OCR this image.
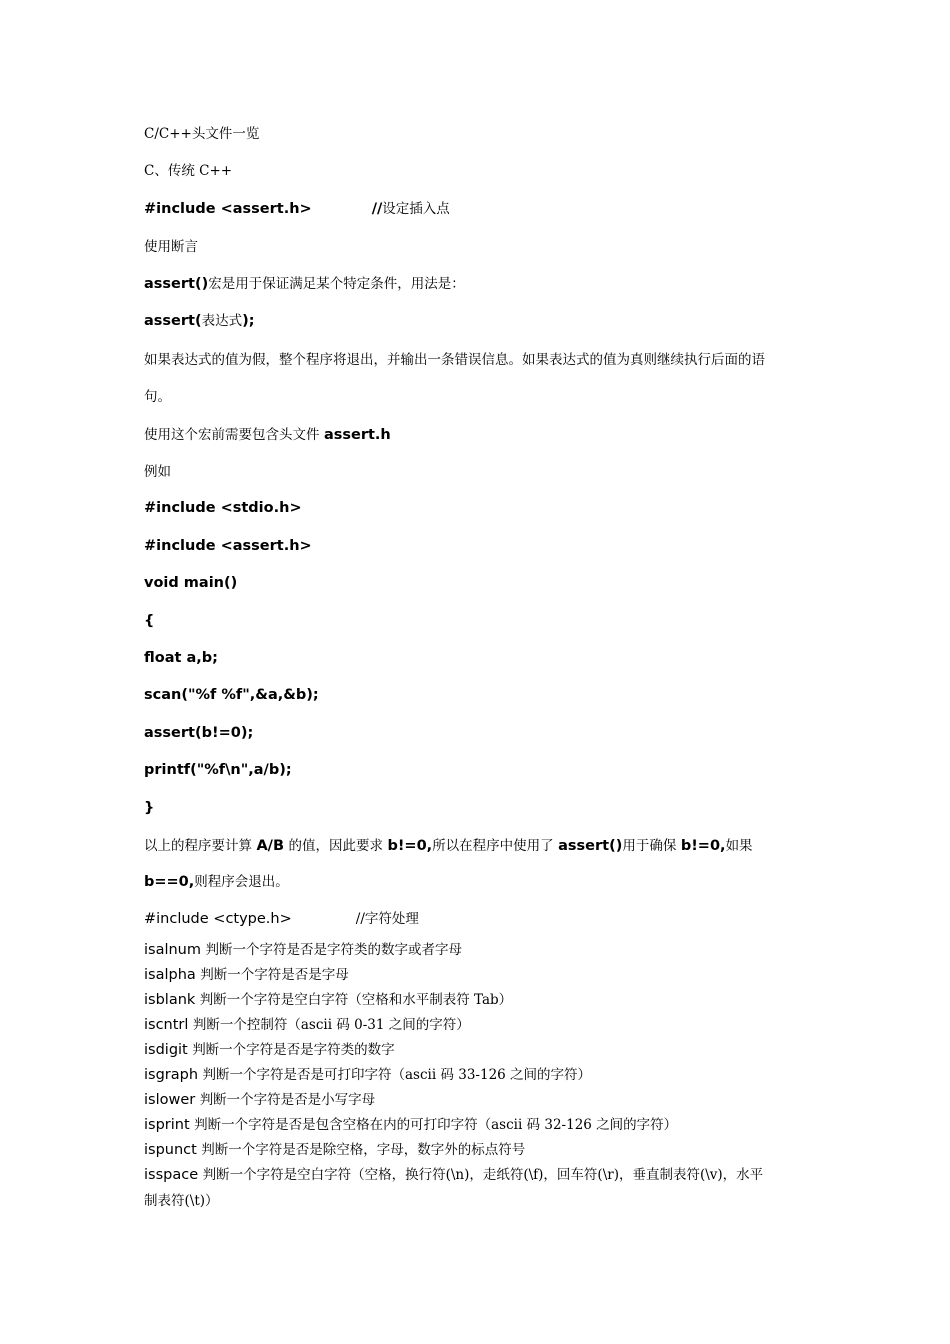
C/C++头文件一览
C、传统 C++
#include <assert.h>	//设定插入点
使用断言
assert()宏是用于保证满足某个特定条件，用法是：
assert(表达式);
如果表达式的值为假，整个程序将退出，并输出一条错误信息。如果表达式的值为真则继续执行后面的语
句。
使用这个宏前需要包含头文件 assert.h
例如
#include <stdio.h>
#include <assert.h>
void main()
{
float a,b;
scan("%f %f",&a,&b);
assert(b!=0);
printf("%f\n",a/b);
}
以上的程序要计算 A/B 的值，因此要求 b!=0,所以在程序中使用了 assert()用于确保 b!=0,如果
b==0,则程序会退出。
#include <ctype.h>	//字符处理
isalnum 判断一个字符是否是字符类的数字或者字母
isalpha 判断一个字符是否是字母
isblank 判断一个字符是空白字符（空格和水平制表符 Tab）
iscntrl 判断一个控制符（ascii 码 0-31 之间的字符）
isdigit 判断一个字符是否是字符类的数字
isgraph 判断一个字符是否是可打印字符（ascii 码 33-126 之间的字符）
islower 判断一个字符是否是小写字母
isprint 判断一个字符是否是包含空格在内的可打印字符（ascii 码 32-126 之间的字符）
ispunct 判断一个字符是否是除空格，字母，数字外的标点符号
isspace 判断一个字符是空白字符（空格，换行符(\n)，走纸符(\f)，回车符(\r)，垂直制表符(\v)，水平
制表符(\t)）
